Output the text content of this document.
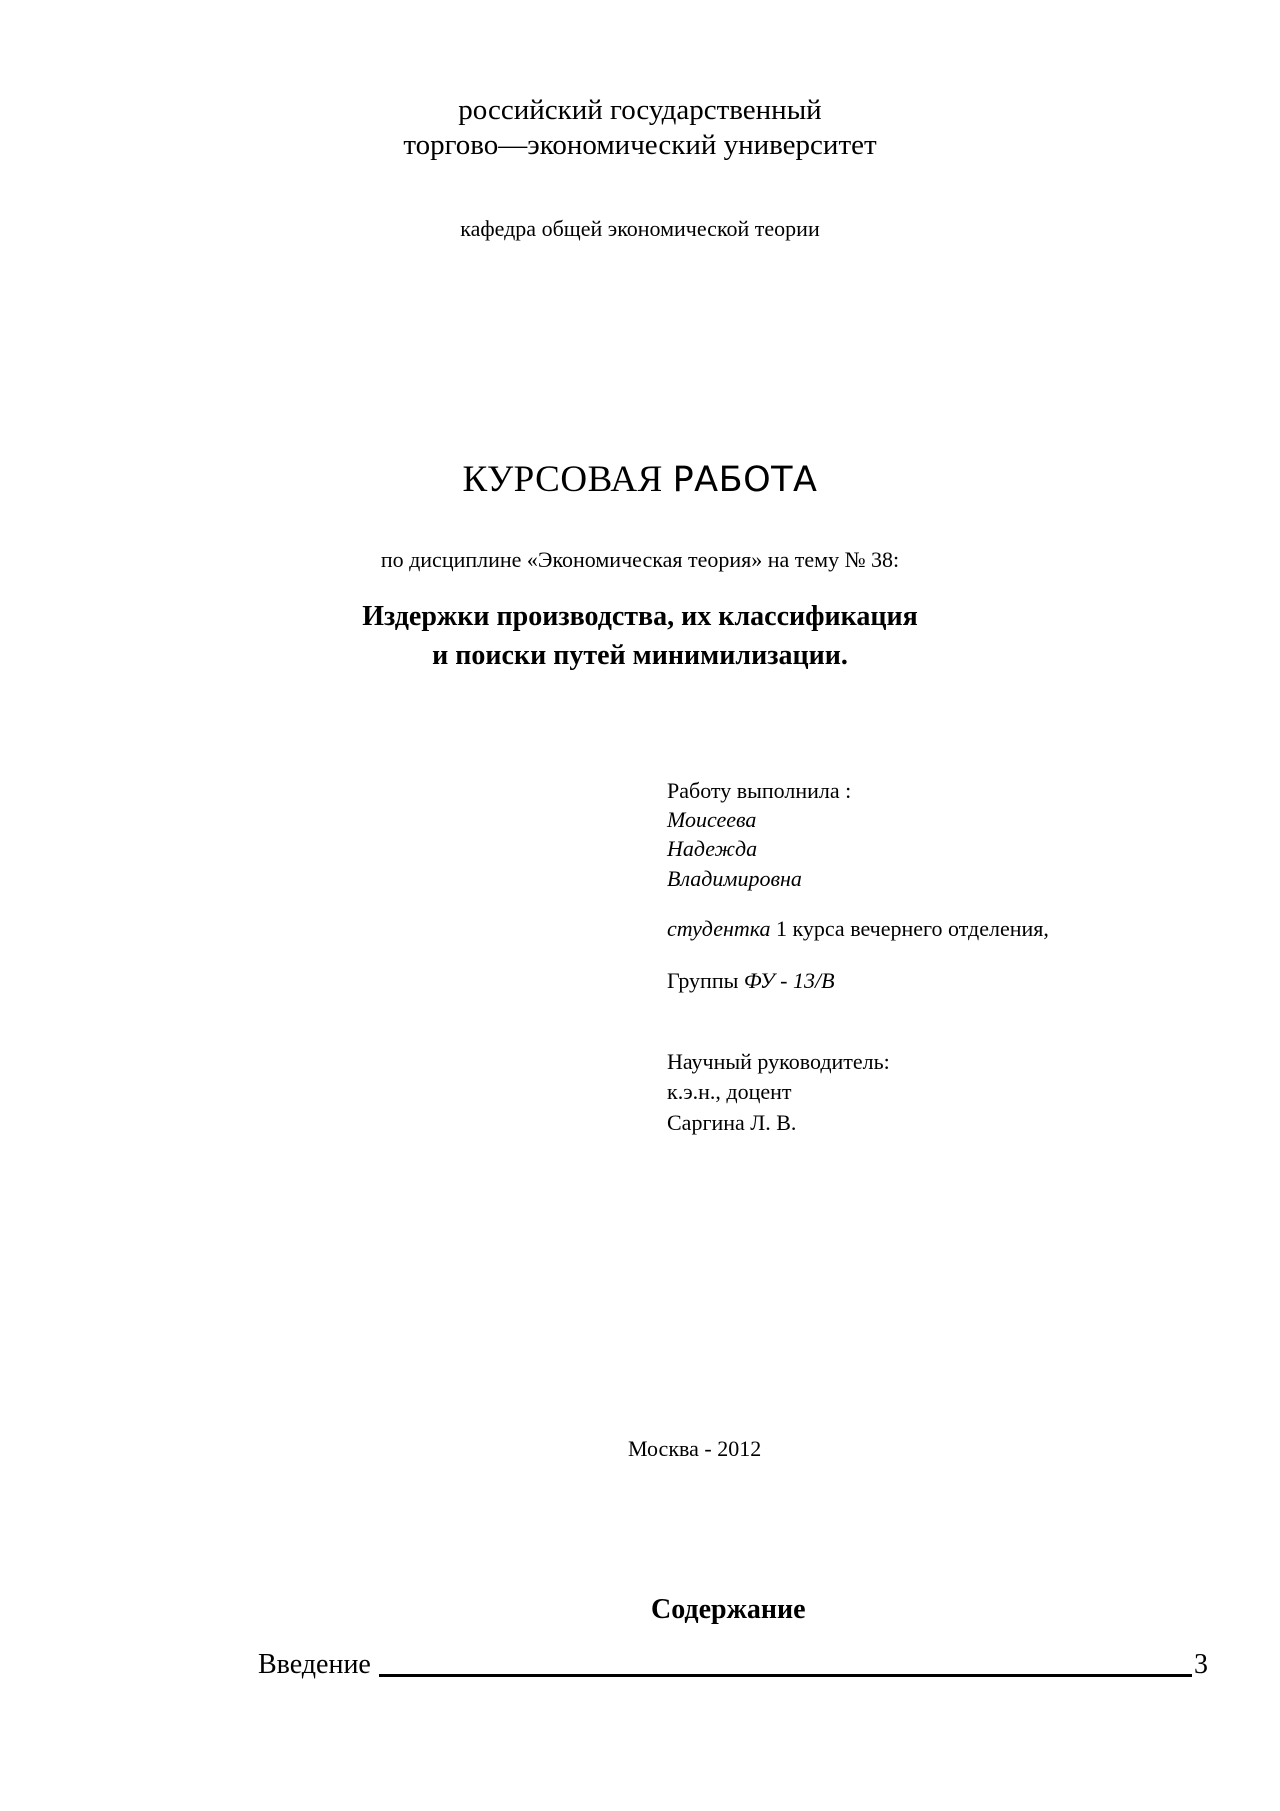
российский государственный
торгово—экономический университет
кафедра общей экономической теории
КУРСОВАЯ РАБОТА
по дисциплине «Экономическая теория» на тему № 38:
Издержки производства, их классификация
и поиски путей минимилизации.
Работу выполнила :
Моисеева
Надежда
Владимировна
студентка 1 курса вечернего отделения,
Группы ФУ - 13/В
Научный руководитель:
к.э.н., доцент
Саргина Л. В.
Москва - 2012
Содержание
Введение	3
